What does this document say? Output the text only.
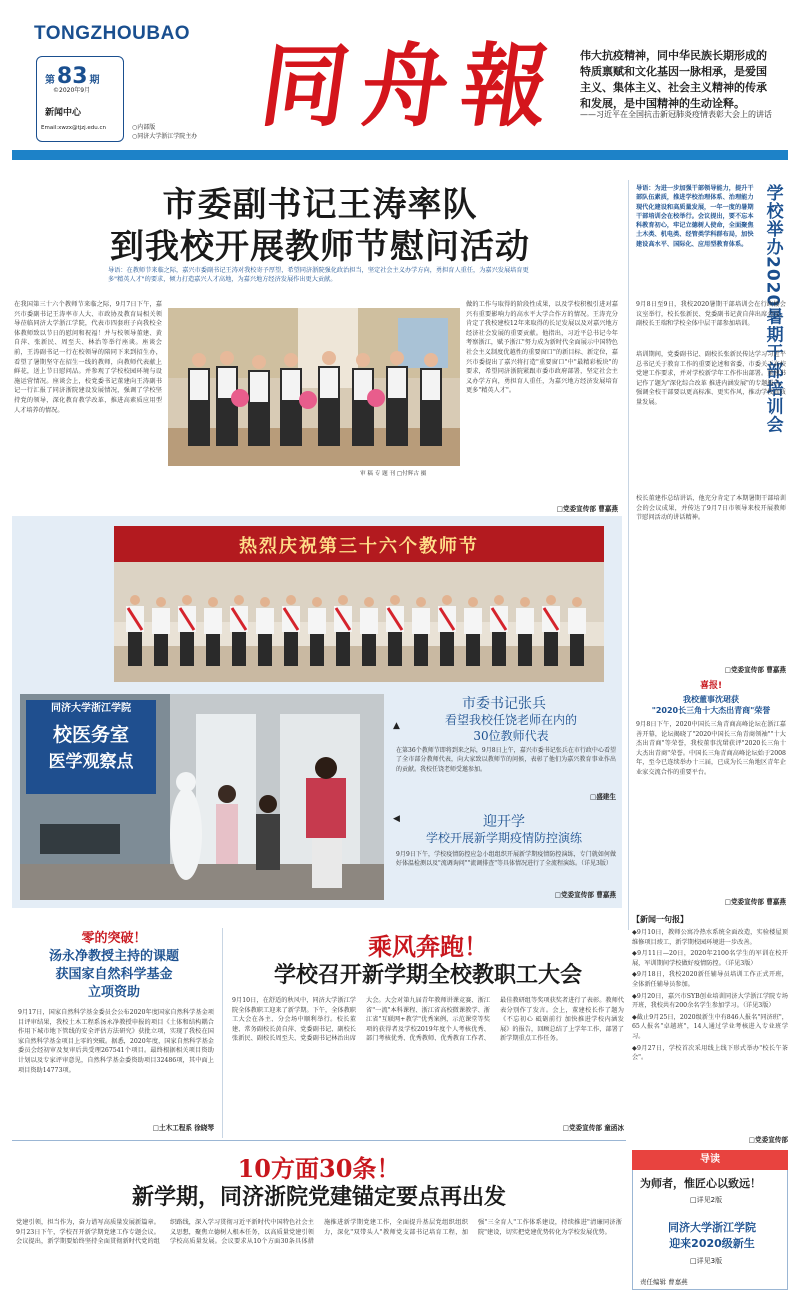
TONGZHOUBAO
第 83 期
©2020年9月
新闻中心
Email:xwzx@tjzj.edu.cn 同舟報
○内部版
○同济大学浙江学院主办
伟大抗疫精神，同中华民族长期形成的特质禀赋和文化基因一脉相承，是爱国主义、集体主义、社会主义精神的传承和发展，是中国精神的生动诠释。
——习近平在全国抗击新冠肺炎疫情表彰大会上的讲话
市委副书记王涛率队
到我校开展教师节慰问活动
导语：在教师节来临之际，嘉兴市委副书记王涛对我校寄予厚望，希望同济浙院强化政治担当，坚定社会主义办学方向，勇担育人重任，为嘉兴发展培育更多"精英人才"的要求，倾力打造嘉兴人才高地，为嘉兴地方经济发展作出更大贡献。
在我国第三十六个教师节来临之际，9月7日下午，嘉兴市委副书记王涛率市人大、市政协及教育局相关领导莅临同济大学浙江学院，代表市四套班子向我校全体教师致以节日的慰问和祝福！并与校领导董建、黄自萍、张新民、周至夫、林治等举行座谈。座谈会前，王涛副书记一行在校领导的陪同下来到招生办，看望了暑期坚守在招生一线的教师，向教师代表献上鲜花，送上节日慰问品。并参观了学校校园环境与设施运营情况。座谈会上，校党委书记董建向王涛副书记一行汇报了同济浙院建设发展情况，强调了学校坚持党的领导，深化教育教学改革，推进高素质应用型人才培养的情况。
审 稿 专 题 刊 □付辉古 摄
做的工作与取得的阶段性成果，以及学校积极引进对嘉兴有重要影响力的高水平大学合作方的情况。王涛充分肯定了我校建校12年来取得的长足发展以及对嘉兴地方经济社会发展的重要贡献。他指出，习近平总书记今年考察浙江，赋予浙江"努力成为新时代全面展示中国特色社会主义制度优越性的重要窗口"的新目标、新定位，嘉兴市委提出了嘉兴将打造"重要窗口"中"最精彩板块"的要求，希望同济浙院紧跟市委市政府部署，坚定社会主义办学方向，勇担育人重任，为嘉兴地方经济发展培育更多"精英人才"。
□党委宣传部 曹嘉燕
热烈庆祝第三十六个教师节
同济大学浙江学院
校医务室
医学观察点
市委书记张兵
▲	看望我校任饶老师在内的
30位教师代表
在第36个教师节即将到来之际，9月8日上午，嘉兴市委书记张兵在市行政中心看望了全市部分教师代表，向大家致以教师节的问候，表彰了他们为嘉兴教育事业作出的贡献。我校任饶老师受邀参加。
□盛建生
迎开学
◀
学校开展新学期疫情防控演练
9月9日下午，学校疫情防控应急小组组织开展新学期疫情防控演练，专门就如何做好体温检测以及"流调询问""流调排查"等具体情况进行了全流程演练。（详见3版）
□党委宣传部 曹嘉燕
导语：为进一步加强干部领导能力，提升干部队伍素质，推进学校治理体系、治理能力现代化建设和高质量发展，一年一度的暑期干部培训会在校举行。会议提出，要不忘本科教育初心，牢记立德树人使命，全面聚焦土木类、机电类、经管类学科群布局，加快建设高水平、国际化、应用型教育体系。 学校举办2020暑期干部培训会
9月8日至9日，我校2020暑期干部培训会在行政楼会议室举行，校长张新民、党委副书记黄自萍出席会议，副校长王瑞和学校全体中层干部参加培训。
培训期间，党委副书记、副校长张新民传达学习习近平总书记关于教育工作的重要论述和省委、市委关于高校党建工作要求，并对学校新学年工作作出部署。董建书记作了题为"深化综合改革 推进内涵发展"的专题报告，强调全校干部要以更高标准、更实作风，推动学校高质量发展。
校长董建作总结讲话，他充分肯定了本期暑期干部培训会的会议成果，并传达了9月7日市领导来校开展教师节慰问活动的讲话精神。
□党委宣传部 曹嘉燕
喜报!
我校董事沈珺获
"2020长三角十大杰出青商"荣誉
9月8日下午，2020中国长三角青商高峰论坛在浙江嘉善开幕，论坛揭晓了"2020中国长三角青商领袖""十大杰出青商"等荣誉，我校董事沈珺获评"2020长三角十大杰出青商"荣誉。中国长三角青商高峰论坛始于2008年，至今已连续举办十三届，已成为长三角地区青年企业家交流合作的重要平台。
□党委宣传部 曹嘉燕
【新闻一句报】
◆9月10日，教师公寓冷热水系统全面改造，实验楼屋顶维修项目竣工，新学期校园环境进一步改善。
◆9月11日—20日，2020年2100名学生的军训在校开展，军训期间学校做好疫情防控。（详见3版）
◆9月18日，我校2020新任辅导员培训工作正式开班，全体新任辅导员参加。
◆9月20日，嘉兴市SYB创业培训同济大学浙江学院专场开班，我校共有200余名学生参加学习。（详见3版）
◆截止9月25日，2020级新生中有846人报名"同济班"，65人报名"卓越班"，14人通过学业考核进入专业班学习。
◆9月27日，学校首次采用线上线下形式举办"校长午茶会"。
□党委宣传部
导读
为师者，惟匠心以致远！
□详见2版
同济大学浙江学院
迎来2020级新生
□详见3版
责任编辑 曹嘉燕
零的突破！
汤永净教授主持的课题
获国家自然科学基金
立项资助
9月17日，国家自然科学基金委员会公布2020年度国家自然科学基金项目评审结果，我校土木工程系汤永净教授申报的项目《土体和结构耦合作用下城市地下管线的安全评估方法研究》获批立项，实现了我校在国家自然科学基金项目上零的突破。据悉，2020年度，国家自然科学基金委员会经初审及复审后共受理267541个项目。最终根据相关项目资助计划以及专家评审意见，自然科学基金委资助项目32486项，其中面上项目资助14773项。
□土木工程系 徐晓琴
乘风奔跑！
学校召开新学期全校教职工大会
9月10日，在舒适的秋风中，同济大学浙江学院全体教职工迎来了新学期。下午，全体教职工大会在各主、分会场中顺利举行。校长董建、常务副校长黄自萍、党委副书记、副校长张新民、副校长周至夫、党委副书记林治出席大会。大会对第九届青年教师讲课竞赛、浙江省"一流"本科课程、浙江省高校微课教学、浙江省"互联网+教学"优秀案例，示范课堂等奖项的获得者及学校2019年度个人考核优秀、部门考核优秀、优秀教师、优秀教育工作者、最佳教研组等奖项获奖者进行了表彰。教师代表分别作了发言。会上，董建校长作了题为《不忘初心 砥砺前行 加快推进学校内涵发展》的报告，回顾总结了上学年工作，部署了新学期重点工作任务。
□党委宣传部 童函冰
10方面30条！
新学期，同济浙院党建锚定要点再出发
党建引领，担当作为，奋力谱写高质量发展新篇章。9月23日下午，学校召开新学期党建工作专题会议。会议提出，新学期要始终坚持全面贯彻新时代党的组织路线，深入学习贯彻习近平新时代中国特色社会主义思想，聚焦立德树人根本任务，以高质量党建引领学校高质量发展。会议要求从10个方面30条具体措施推进新学期党建工作，全面提升基层党组织组织力，深化"双带头人"教师党支部书记培育工程，加强"三全育人"工作体系建设，持续推进"清廉同济浙院"建设，切实把党建优势转化为学校发展优势。
